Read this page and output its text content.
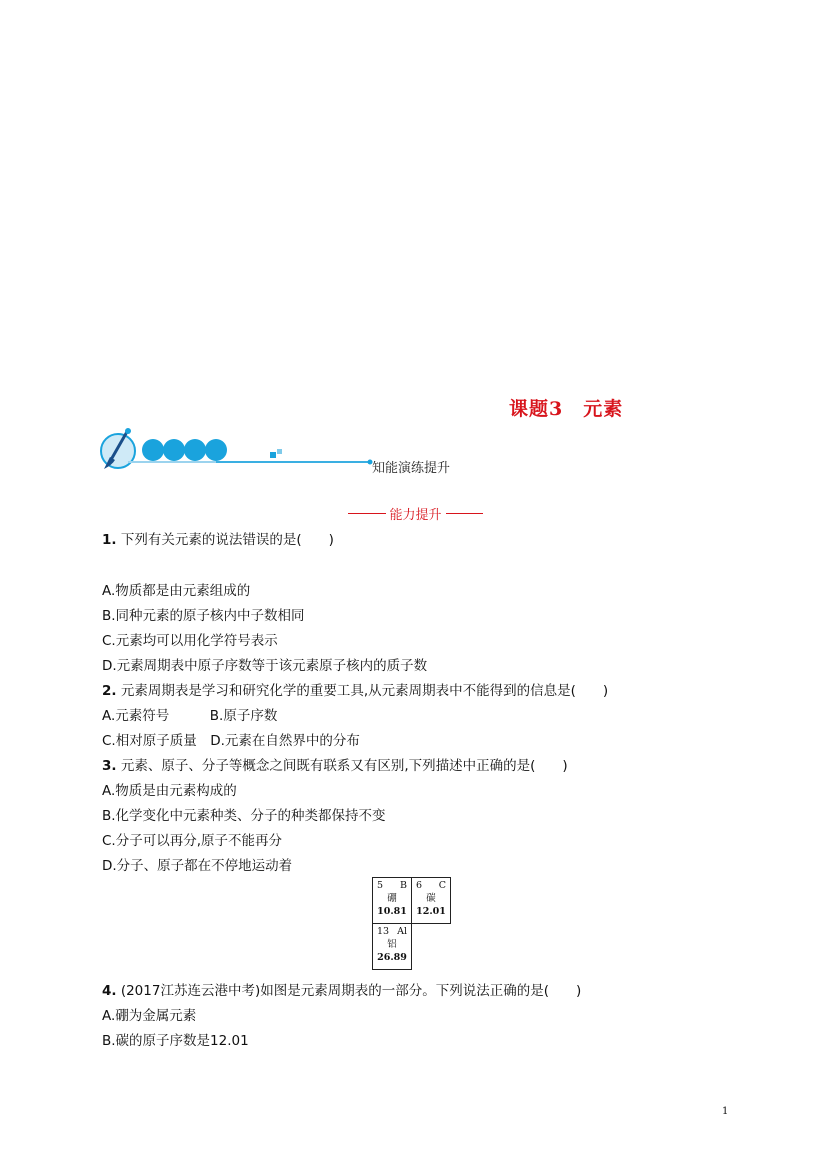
课题3　元素
知能演练提升
能力提升
1. 下列有关元素的说法错误的是(　　)
A.物质都是由元素组成的
B.同种元素的原子核内中子数相同
C.元素均可以用化学符号表示
D.元素周期表中原子序数等于该元素原子核内的质子数
2. 元素周期表是学习和研究化学的重要工具,从元素周期表中不能得到的信息是(　　)
A.元素符号　　　B.原子序数
C.相对原子质量　D.元素在自然界中的分布
3. 元素、原子、分子等概念之间既有联系又有区别,下列描述中正确的是(　　)
A.物质是由元素构成的
B.化学变化中元素种类、分子的种类都保持不变
C.分子可以再分,原子不能再分
D.分子、原子都在不停地运动着
5 B
硼
10.81
6 C
碳
12.01
13 Al
铝
26.89
4. (2017江苏连云港中考)如图是元素周期表的一部分。下列说法正确的是(　　)
A.硼为金属元素
B.碳的原子序数是12.01
1
